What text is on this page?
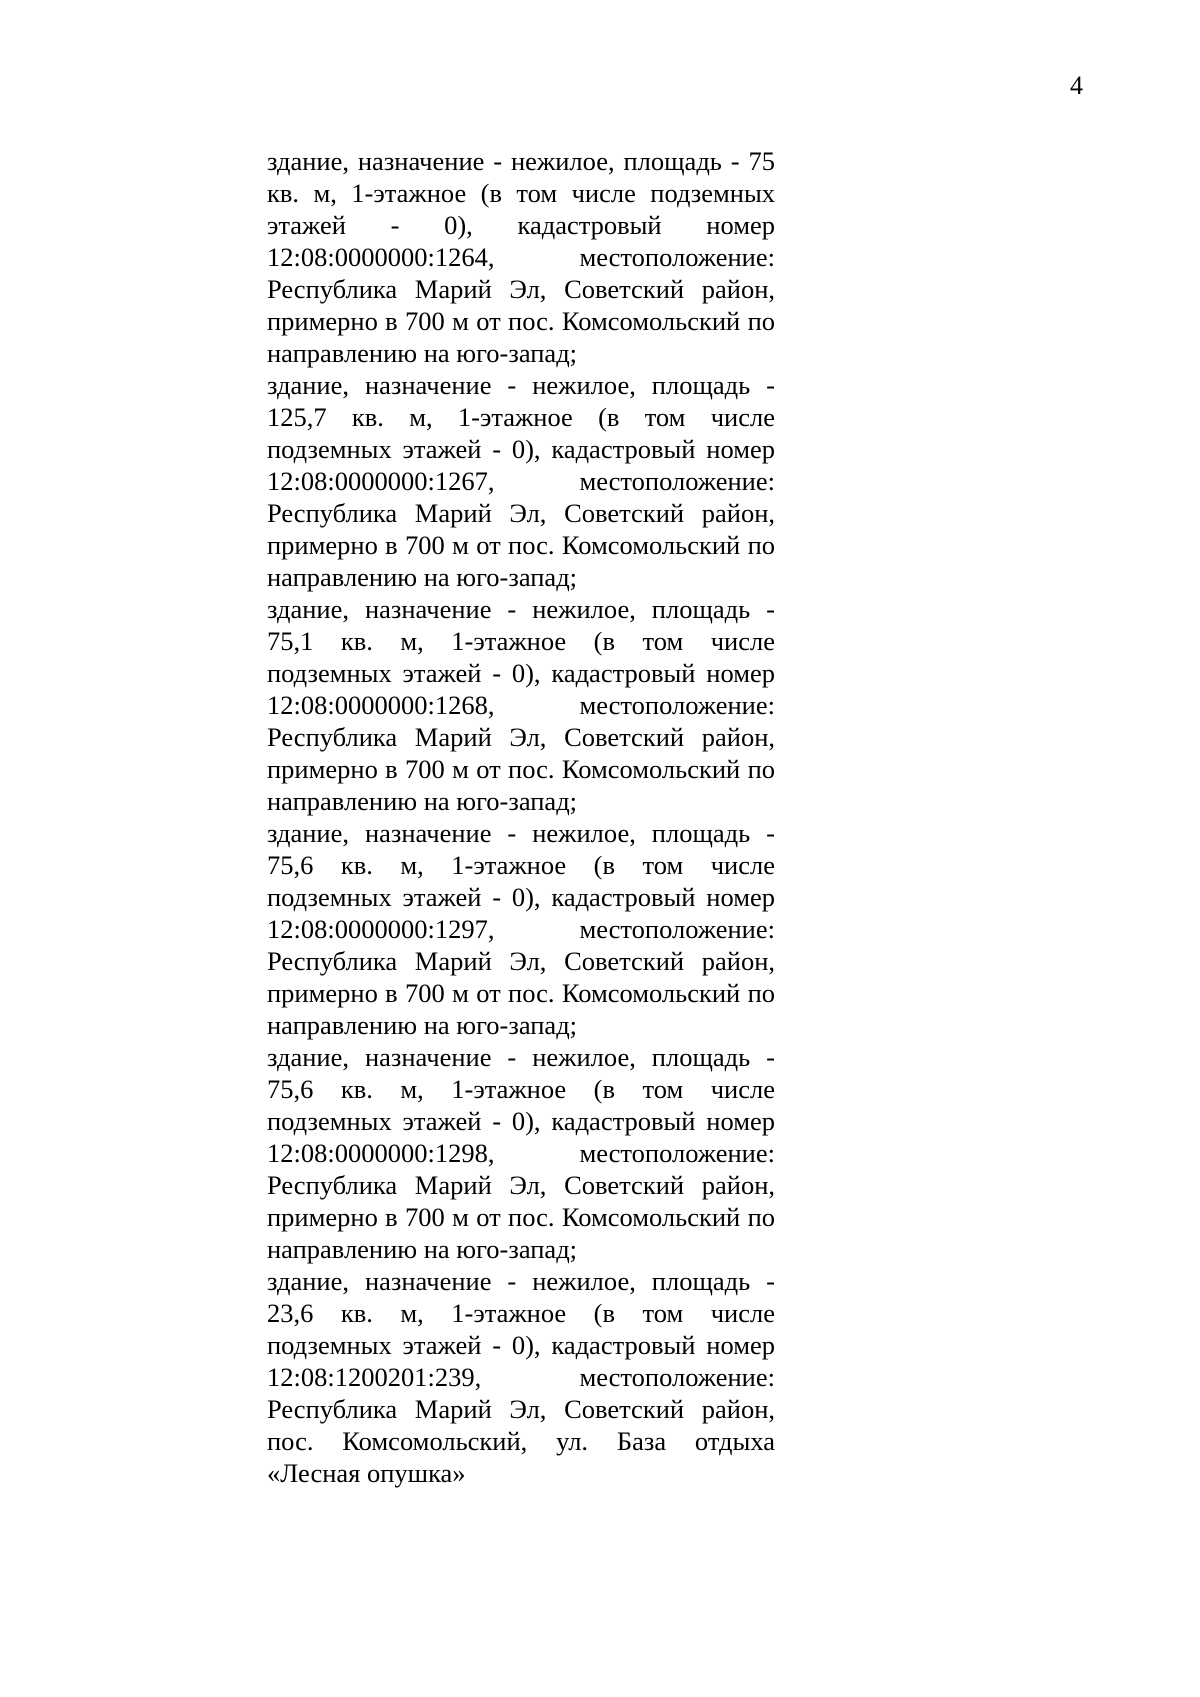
4

здание, назначение - нежилое, площадь - 75 кв. м, 1-этажное (в том числе подземных этажей - 0), кадастровый номер 12:08:0000000:1264, местоположение: Республика Марий Эл, Советский район, примерно в 700 м от пос. Комсомольский по направлению на юго-запад;

здание, назначение - нежилое, площадь - 125,7 кв. м, 1-этажное (в том числе подземных этажей - 0), кадастровый номер 12:08:0000000:1267, местоположение: Республика Марий Эл, Советский район, примерно в 700 м от пос. Комсомольский по направлению на юго-запад;

здание, назначение - нежилое, площадь - 75,1 кв. м, 1-этажное (в том числе подземных этажей - 0), кадастровый номер 12:08:0000000:1268, местоположение: Республика Марий Эл, Советский район, примерно в 700 м от пос. Комсомольский по направлению на юго-запад;

здание, назначение - нежилое, площадь - 75,6 кв. м, 1-этажное (в том числе подземных этажей - 0), кадастровый номер 12:08:0000000:1297, местоположение: Республика Марий Эл, Советский район, примерно в 700 м от пос. Комсомольский по направлению на юго-запад;

здание, назначение - нежилое, площадь - 75,6 кв. м, 1-этажное (в том числе подземных этажей - 0), кадастровый номер 12:08:0000000:1298, местоположение: Республика Марий Эл, Советский район, примерно в 700 м от пос. Комсомольский по направлению на юго-запад;

здание, назначение - нежилое, площадь - 23,6 кв. м, 1-этажное (в том числе подземных этажей - 0), кадастровый номер 12:08:1200201:239, местоположение: Республика Марий Эл, Советский район, пос. Комсомольский, ул. База отдыха «Лесная опушка»
